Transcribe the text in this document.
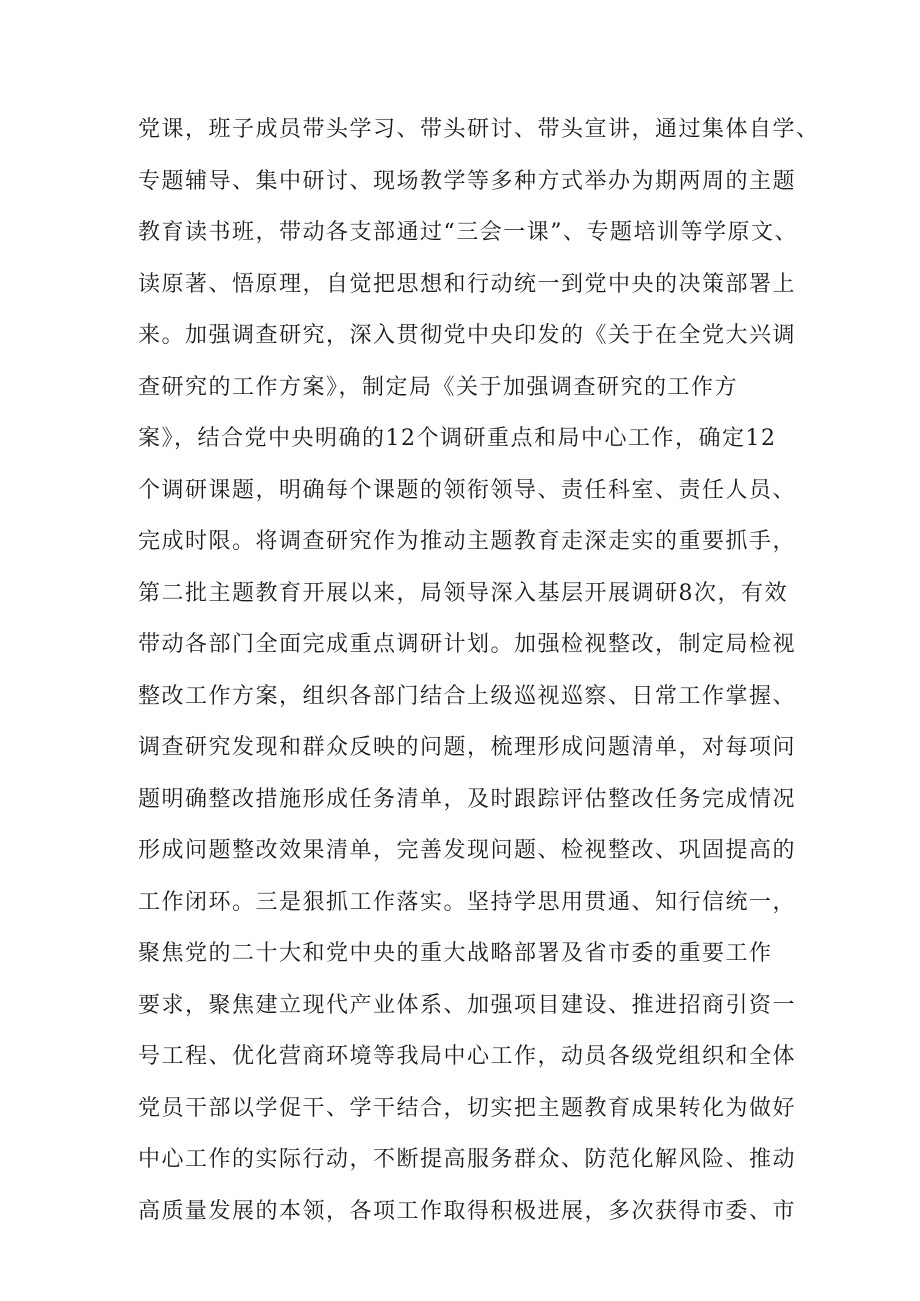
党课，班子成员带头学习、带头研讨、带头宣讲，通过集体自学、
专题辅导、集中研讨、现场教学等多种方式举办为期两周的主题
教育读书班，带动各支部通过“三会一课”、专题培训等学原文、
读原著、悟原理，自觉把思想和行动统一到党中央的决策部署上
来。加强调查研究，深入贯彻党中央印发的《关于在全党大兴调
查研究的工作方案》，制定局《关于加强调查研究的工作方
案》，结合党中央明确的12个调研重点和局中心工作，确定12
个调研课题，明确每个课题的领衔领导、责任科室、责任人员、
完成时限。将调查研究作为推动主题教育走深走实的重要抓手，
第二批主题教育开展以来，局领导深入基层开展调研8次，有效
带动各部门全面完成重点调研计划。加强检视整改，制定局检视
整改工作方案，组织各部门结合上级巡视巡察、日常工作掌握、
调查研究发现和群众反映的问题，梳理形成问题清单，对每项问
题明确整改措施形成任务清单，及时跟踪评估整改任务完成情况
形成问题整改效果清单，完善发现问题、检视整改、巩固提高的
工作闭环。三是狠抓工作落实。坚持学思用贯通、知行信统一，
聚焦党的二十大和党中央的重大战略部署及省市委的重要工作
要求，聚焦建立现代产业体系、加强项目建设、推进招商引资一
号工程、优化营商环境等我局中心工作，动员各级党组织和全体
党员干部以学促干、学干结合，切实把主题教育成果转化为做好
中心工作的实际行动，不断提高服务群众、防范化解风险、推动
高质量发展的本领，各项工作取得积极进展，多次获得市委、市
